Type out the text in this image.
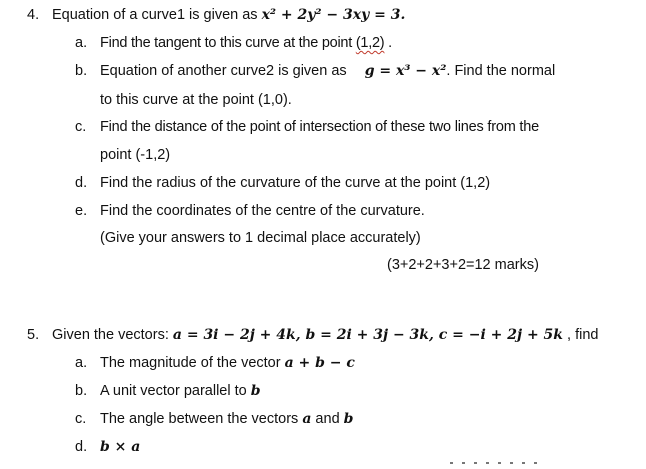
4. Equation of a curve1 is given as x² + 2y² − 3xy = 3.
a. Find the tangent to this curve at the point (1,2) .
b. Equation of another curve2 is given as g = x³ − x². Find the normal
to this curve at the point (1,0).
c. Find the distance of the point of intersection of these two lines from the
point (-1,2)
d. Find the radius of the curvature of the curve at the point (1,2)
e. Find the coordinates of the centre of the curvature.
(Give your answers to 1 decimal place accurately)
(3+2+2+3+2=12 marks)
5. Given the vectors: a = 3i − 2j + 4k, b = 2i + 3j − 3k, c = −i + 2j + 5k , find
a. The magnitude of the vector a + b − c
b. A unit vector parallel to b
c. The angle between the vectors a and b
d. b × a
